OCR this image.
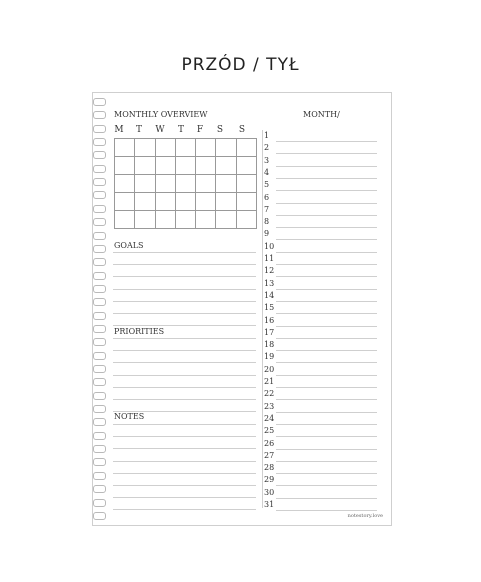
PRZÓD / TYŁ
MONTHLY OVERVIEW	MONTH/
M	T	W	T	F	S	S
GOALS
PRIORITIES
NOTES
1
2
3
4
5
6
7
8
9
10
11
12
13
14
15
16
17
18
19
20
21
22
23
24
25
26
27
28
29
30
31
notestory.love
